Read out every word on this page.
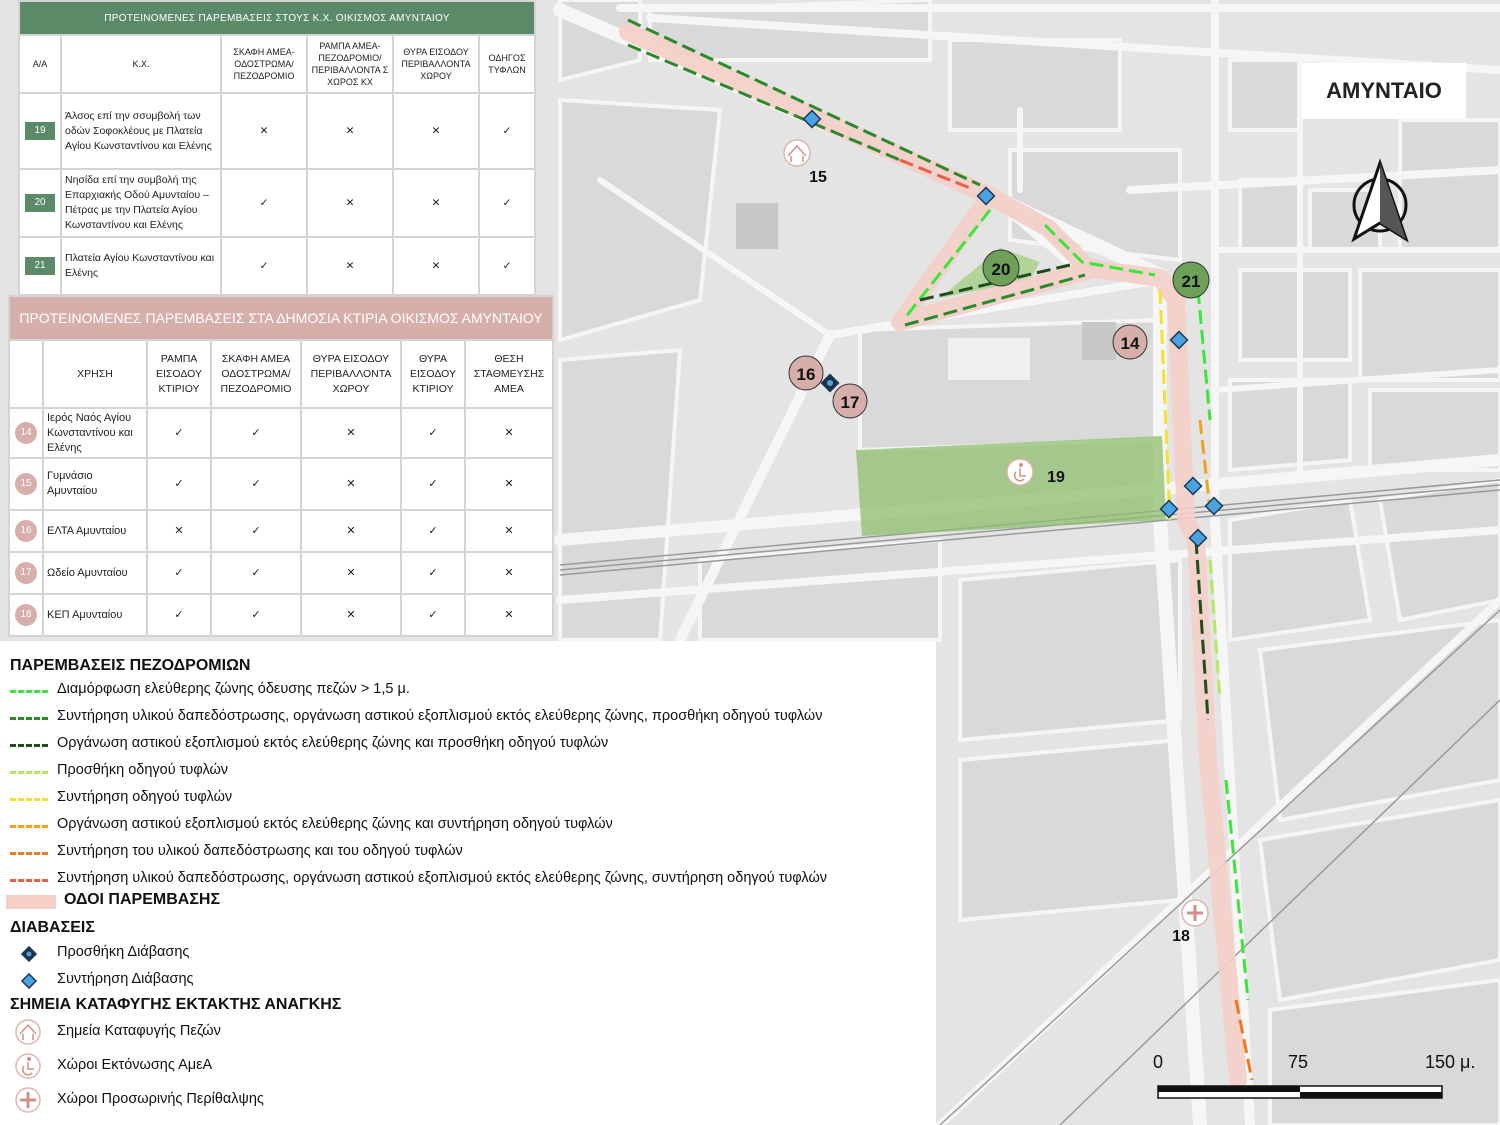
20
21
14
16
17
15
19
18
ΑΜΥΝΤΑΙΟ
0	75	150 μ.
ΠΡΟΤΕΙΝΟΜΕΝΕΣ ΠΑΡΕΜΒΑΣΕΙΣ ΣΤΟΥΣ Κ.Χ. ΟΙΚΙΣΜΟΣ ΑΜΥΝΤΑΙΟΥ					
Α/Α	Κ.Χ.	ΣΚΑΦΗ ΑΜΕΑ-ΟΔΟΣΤΡΩΜΑ/ ΠΕΖΟΔΡΟΜΙΟ	ΡΑΜΠΑ ΑΜΕΑ-ΠΕΖΟΔΡΟΜΙΟ/ ΠΕΡΙΒΑΛΛΟΝΤΑ Σ ΧΩΡΟΣ ΚΧ	ΘΥΡΑ ΕΙΣΟΔΟΥ ΠΕΡΙΒΑΛΛΟΝΤΑ ΧΩΡΟΥ	ΟΔΗΓΟΣ ΤΥΦΛΩΝ
19	Άλσος επί την σσυμβολή των οδών Σοφοκλέους με Πλατεία Αγίου Κωνσταντίνου και Ελένης	✕	✕	✕	✓
20	Νησίδα επί την συμβολή της Επαρχιακής Οδού Αμυνταίου – Πέτρας με την Πλατεία Αγίου Κωνσταντίνου και Ελένης	✓	✕	✕	✓
21	Πλατεία Αγίου Κωνσταντίνου και Ελένης	✓	✕	✕	✓
ΠΡΟΤΕΙΝΟΜΕΝΕΣ ΠΑΡΕΜΒΑΣΕΙΣ ΣΤΑ ΔΗΜΟΣΙΑ ΚΤΙΡΙΑ ΟΙΚΙΣΜΟΣ ΑΜΥΝΤΑΙΟΥ						
	ΧΡΗΣΗ	ΡΑΜΠΑ ΕΙΣΟΔΟΥ ΚΤΙΡΙΟΥ	ΣΚΑΦΗ ΑΜΕΑ ΟΔΟΣΤΡΩΜΑ/ ΠΕΖΟΔΡΟΜΙΟ	ΘΥΡΑ ΕΙΣΟΔΟΥ ΠΕΡΙΒΑΛΛΟΝΤΑ ΧΩΡΟΥ	ΘΥΡΑ ΕΙΣΟΔΟΥ ΚΤΙΡΙΟΥ	ΘΕΣΗ ΣΤΑΘΜΕΥΣΗΣ ΑΜΕΑ
14	Ιερός Ναός Αγίου Κωνσταντίνου και Ελένης	✓	✓	✕	✓	✕
15	Γυμνάσιο Αμυνταίου	✓	✓	✕	✓	✕
16	ΕΛΤΑ Αμυνταίου	✕	✓	✕	✓	✕
17	Ωδείο Αμυνταίου	✓	✓	✕	✓	✕
18	ΚΕΠ Αμυνταίου	✓	✓	✕	✓	✕
ΠΑΡΕΜΒΑΣΕΙΣ ΠΕΖΟΔΡΟΜΙΩΝ
Διαμόρφωση ελεύθερης ζώνης όδευσης πεζών > 1,5 μ.
Συντήρηση υλικού δαπεδόστρωσης, οργάνωση αστικού εξοπλισμού εκτός ελεύθερης ζώνης, προσθήκη οδηγού τυφλών
Οργάνωση αστικού εξοπλισμού εκτός ελεύθερης ζώνης και προσθήκη οδηγού τυφλών
Προσθήκη οδηγού τυφλών
Συντήρηση οδηγού τυφλών
Οργάνωση αστικού εξοπλισμού εκτός ελεύθερης ζώνης και συντήρηση οδηγού τυφλών
Συντήρηση του υλικού δαπεδόστρωσης και του οδηγού τυφλών
Συντήρηση υλικού δαπεδόστρωσης, οργάνωση αστικού εξοπλισμού εκτός ελεύθερης ζώνης, συντήρηση οδηγού τυφλών
ΟΔΟΙ ΠΑΡΕΜΒΑΣΗΣ
ΔΙΑΒΑΣΕΙΣ
Προσθήκη Διάβασης
Συντήρηση Διάβασης
ΣΗΜΕΙΑ ΚΑΤΑΦΥΓΗΣ ΕΚΤΑΚΤΗΣ ΑΝΑΓΚΗΣ
Σημεία Καταφυγής Πεζών
Χώροι Εκτόνωσης ΑμεΑ
Χώροι Προσωρινής Περίθαλψης
